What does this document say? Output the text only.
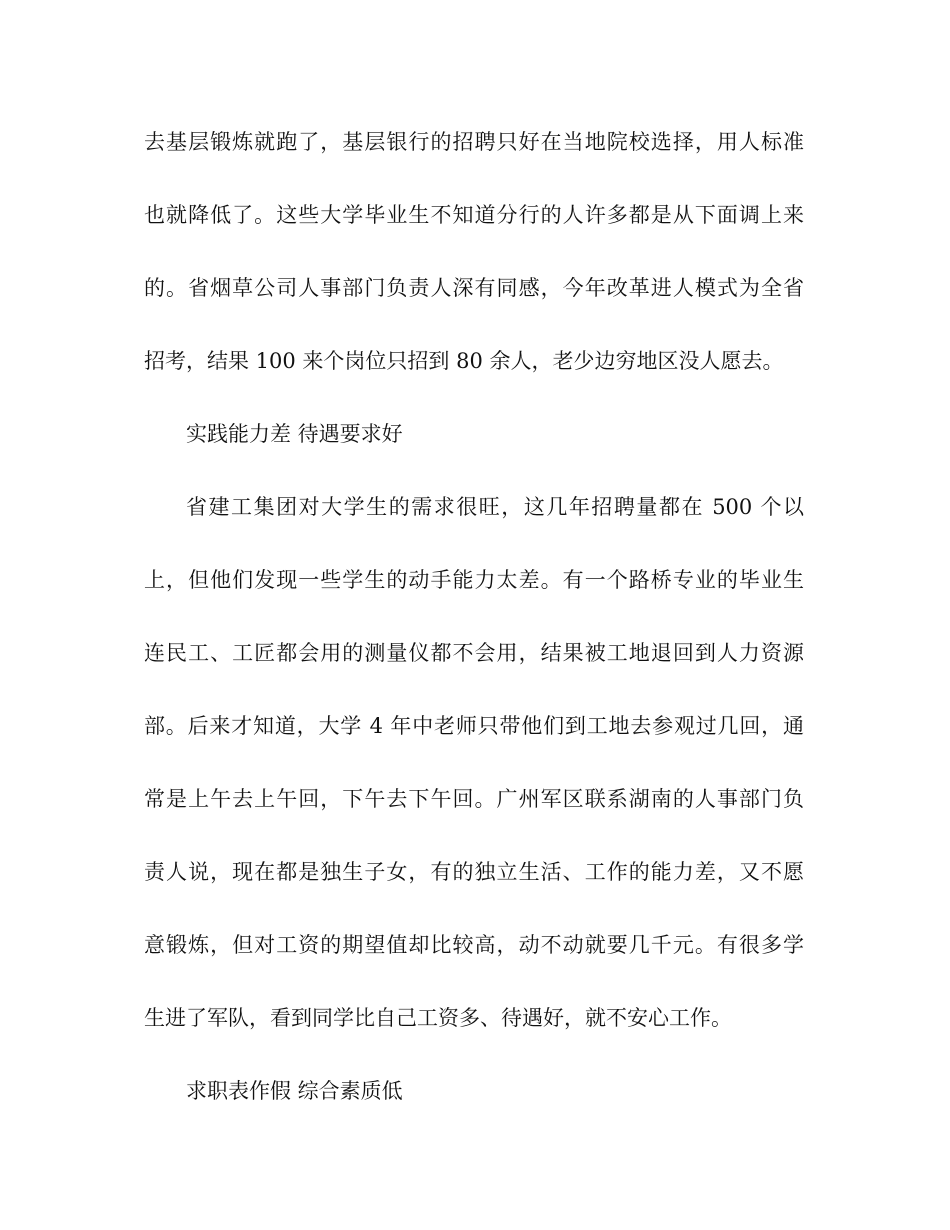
去基层锻炼就跑了，基层银行的招聘只好在当地院校选择，用人标准
也就降低了。这些大学毕业生不知道分行的人许多都是从下面调上来
的。省烟草公司人事部门负责人深有同感，今年改革进人模式为全省
招考，结果 100 来个岗位只招到 80 余人，老少边穷地区没人愿去。
实践能力差 待遇要求好
省建工集团对大学生的需求很旺，这几年招聘量都在 500 个以
上，但他们发现一些学生的动手能力太差。有一个路桥专业的毕业生
连民工、工匠都会用的测量仪都不会用，结果被工地退回到人力资源
部。后来才知道，大学 4 年中老师只带他们到工地去参观过几回，通
常是上午去上午回，下午去下午回。广州军区联系湖南的人事部门负
责人说，现在都是独生子女，有的独立生活、工作的能力差，又不愿
意锻炼，但对工资的期望值却比较高，动不动就要几千元。有很多学
生进了军队，看到同学比自己工资多、待遇好，就不安心工作。
求职表作假 综合素质低
